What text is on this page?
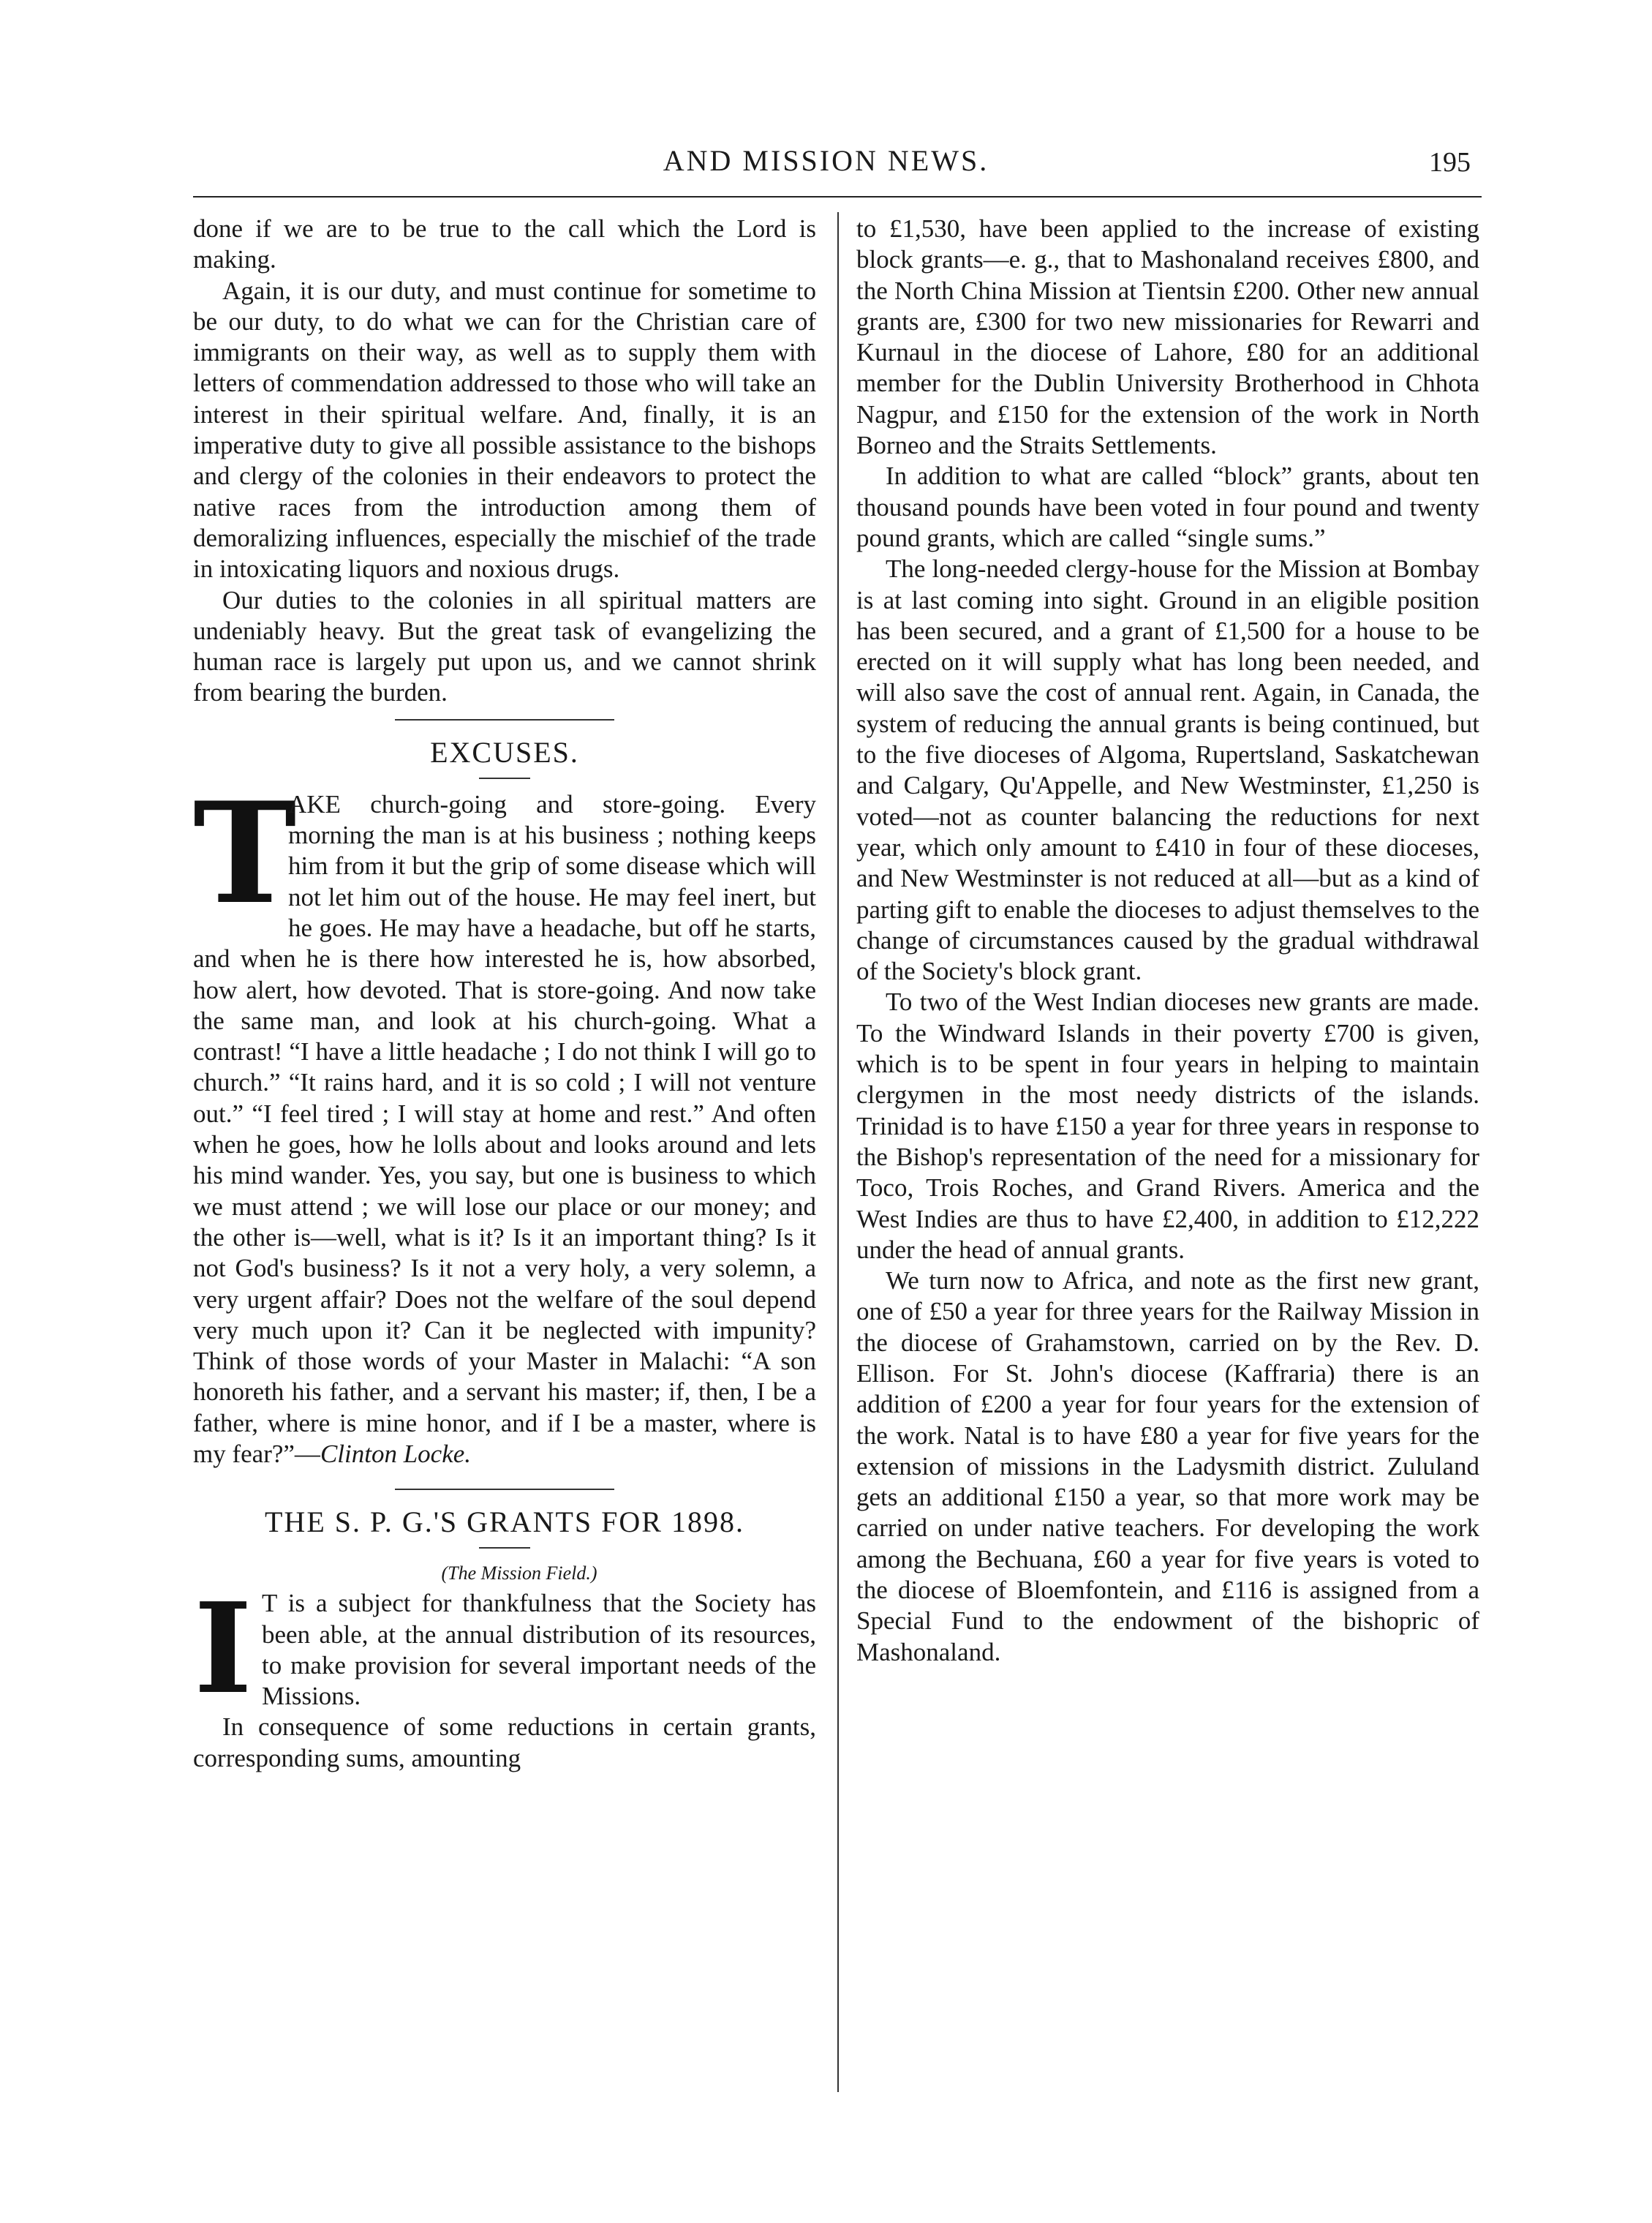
AND MISSION NEWS.	195

done if we are to be true to the call which the Lord is making.

Again, it is our duty, and must continue for sometime to be our duty, to do what we can for the Christian care of immigrants on their way, as well as to supply them with letters of commendation addressed to those who will take an interest in their spiritual welfare. And, finally, it is an imperative duty to give all possible assistance to the bishops and clergy of the colonies in their endeavors to protect the native races from the introduction among them of demoralizing influences, especially the mischief of the trade in intoxicating liquors and noxious drugs.

Our duties to the colonies in all spiritual matters are undeniably heavy. But the great task of evangelizing the human race is largely put upon us, and we cannot shrink from bearing the burden.

EXCUSES.

T
AKE church-going and store-going. Every morning the man is at his business ; nothing keeps him from it but the grip of some disease which will not let him out of the house. He may feel inert, but he goes. He may have a headache, but off he starts, and when he is there how interested he is, how absorbed, how alert, how devoted. That is store-going. And now take the same man, and look at his church-going. What a contrast! “I have a little headache ; I do not think I will go to church.” “It rains hard, and it is so cold ; I will not venture out.” “I feel tired ; I will stay at home and rest.” And often when he goes, how he lolls about and looks around and lets his mind wander. Yes, you say, but one is business to which we must attend ; we will lose our place or our money; and the other is—well, what is it? Is it an important thing? Is it not God's business? Is it not a very holy, a very solemn, a very urgent affair? Does not the welfare of the soul depend very much upon it? Can it be neglected with impunity? Think of those words of your Master in Malachi: “A son honoreth his father, and a servant his master; if, then, I be a father, where is mine honor, and if I be a master, where is my fear?”—Clinton Locke.

THE S. P. G.'S GRANTS FOR 1898.

(The Mission Field.)

I T is a subject for thankfulness that the Society has been able, at the annual distribution of its resources, to make provision for several important needs of the Missions.

In consequence of some reductions in certain grants, corresponding sums, amounting

to £1,530, have been applied to the increase of existing block grants—e. g., that to Mashonaland receives £800, and the North China Mission at Tientsin £200. Other new annual grants are, £300 for two new missionaries for Rewarri and Kurnaul in the diocese of Lahore, £80 for an additional member for the Dublin University Brotherhood in Chhota Nagpur, and £150 for the extension of the work in North Borneo and the Straits Settlements.

In addition to what are called “block” grants, about ten thousand pounds have been voted in four pound and twenty pound grants, which are called “single sums.”

The long-needed clergy-house for the Mission at Bombay is at last coming into sight. Ground in an eligible position has been secured, and a grant of £1,500 for a house to be erected on it will supply what has long been needed, and will also save the cost of annual rent. Again, in Canada, the system of reducing the annual grants is being continued, but to the five dioceses of Algoma, Rupertsland, Saskatchewan and Calgary, Qu'Appelle, and New Westminster, £1,250 is voted—not as counter balancing the reductions for next year, which only amount to £410 in four of these dioceses, and New Westminster is not reduced at all—but as a kind of parting gift to enable the dioceses to adjust themselves to the change of circumstances caused by the gradual withdrawal of the Society's block grant.

To two of the West Indian dioceses new grants are made. To the Windward Islands in their poverty £700 is given, which is to be spent in four years in helping to maintain clergymen in the most needy districts of the islands. Trinidad is to have £150 a year for three years in response to the Bishop's representation of the need for a missionary for Toco, Trois Roches, and Grand Rivers. America and the West Indies are thus to have £2,400, in addition to £12,222 under the head of annual grants.

We turn now to Africa, and note as the first new grant, one of £50 a year for three years for the Railway Mission in the diocese of Grahamstown, carried on by the Rev. D. Ellison. For St. John's diocese (Kaffraria) there is an addition of £200 a year for four years for the extension of the work. Natal is to have £80 a year for five years for the extension of missions in the Ladysmith district. Zululand gets an additional £150 a year, so that more work may be carried on under native teachers. For developing the work among the Bechuana, £60 a year for five years is voted to the diocese of Bloemfontein, and £116 is assigned from a Special Fund to the endowment of the bishopric of Mashonaland.
